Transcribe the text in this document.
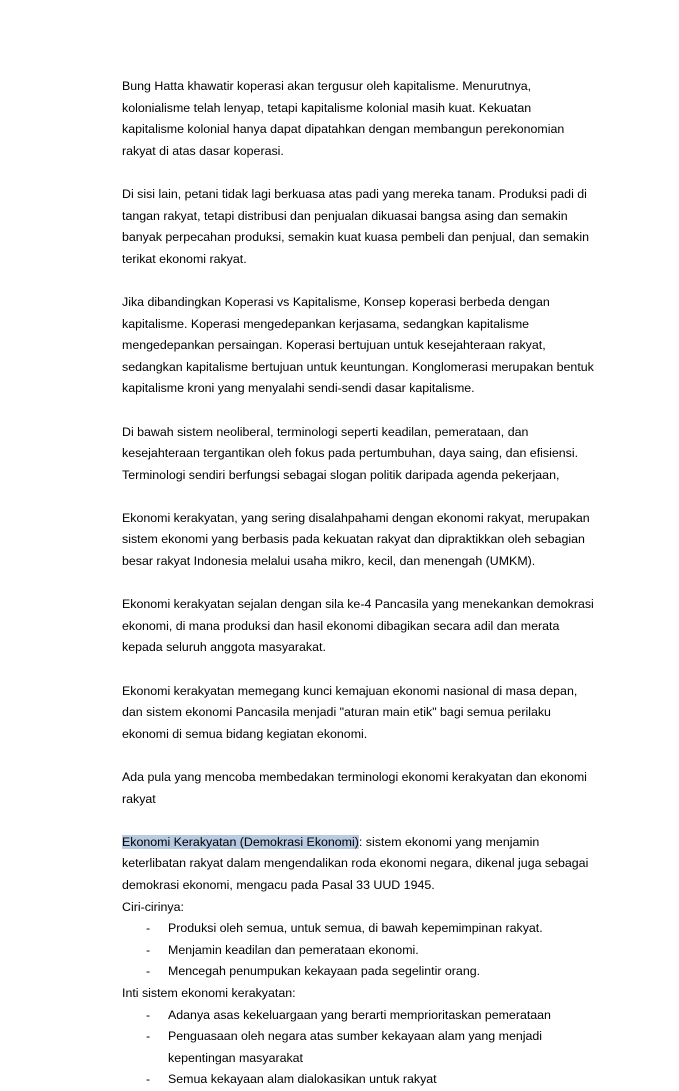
Bung Hatta khawatir koperasi akan tergusur oleh kapitalisme. Menurutnya, kolonialisme telah lenyap, tetapi kapitalisme kolonial masih kuat. Kekuatan kapitalisme kolonial hanya dapat dipatahkan dengan membangun perekonomian rakyat di atas dasar koperasi.

Di sisi lain, petani tidak lagi berkuasa atas padi yang mereka tanam. Produksi padi di tangan rakyat, tetapi distribusi dan penjualan dikuasai bangsa asing dan semakin banyak perpecahan produksi, semakin kuat kuasa pembeli dan penjual, dan semakin terikat ekonomi rakyat.

Jika dibandingkan Koperasi vs Kapitalisme, Konsep koperasi berbeda dengan kapitalisme. Koperasi mengedepankan kerjasama, sedangkan kapitalisme mengedepankan persaingan. Koperasi bertujuan untuk kesejahteraan rakyat, sedangkan kapitalisme bertujuan untuk keuntungan. Konglomerasi merupakan bentuk kapitalisme kroni yang menyalahi sendi-sendi dasar kapitalisme.

Di bawah sistem neoliberal, terminologi seperti keadilan, pemerataan, dan kesejahteraan tergantikan oleh fokus pada pertumbuhan, daya saing, dan efisiensi. Terminologi sendiri berfungsi sebagai slogan politik daripada agenda pekerjaan,

Ekonomi kerakyatan, yang sering disalahpahami dengan ekonomi rakyat, merupakan sistem ekonomi yang berbasis pada kekuatan rakyat dan dipraktikkan oleh sebagian besar rakyat Indonesia melalui usaha mikro, kecil, dan menengah (UMKM).

Ekonomi kerakyatan sejalan dengan sila ke-4 Pancasila yang menekankan demokrasi ekonomi, di mana produksi dan hasil ekonomi dibagikan secara adil dan merata kepada seluruh anggota masyarakat.

Ekonomi kerakyatan memegang kunci kemajuan ekonomi nasional di masa depan, dan sistem ekonomi Pancasila menjadi "aturan main etik" bagi semua perilaku ekonomi di semua bidang kegiatan ekonomi.

Ada pula yang mencoba membedakan terminologi ekonomi kerakyatan dan ekonomi rakyat

Ekonomi Kerakyatan (Demokrasi Ekonomi): sistem ekonomi yang menjamin keterlibatan rakyat dalam mengendalikan roda ekonomi negara, dikenal juga sebagai demokrasi ekonomi, mengacu pada Pasal 33 UUD 1945.

Ciri-cirinya:
- Produksi oleh semua, untuk semua, di bawah kepemimpinan rakyat.
- Menjamin keadilan dan pemerataan ekonomi.
- Mencegah penumpukan kekayaan pada segelintir orang.
Inti sistem ekonomi kerakyatan:
- Adanya asas kekeluargaan yang berarti memprioritaskan pemerataan
- Penguasaan oleh negara atas sumber kekayaan alam yang menjadi kepentingan masyarakat
- Semua kekayaan alam dialokasikan untuk rakyat
